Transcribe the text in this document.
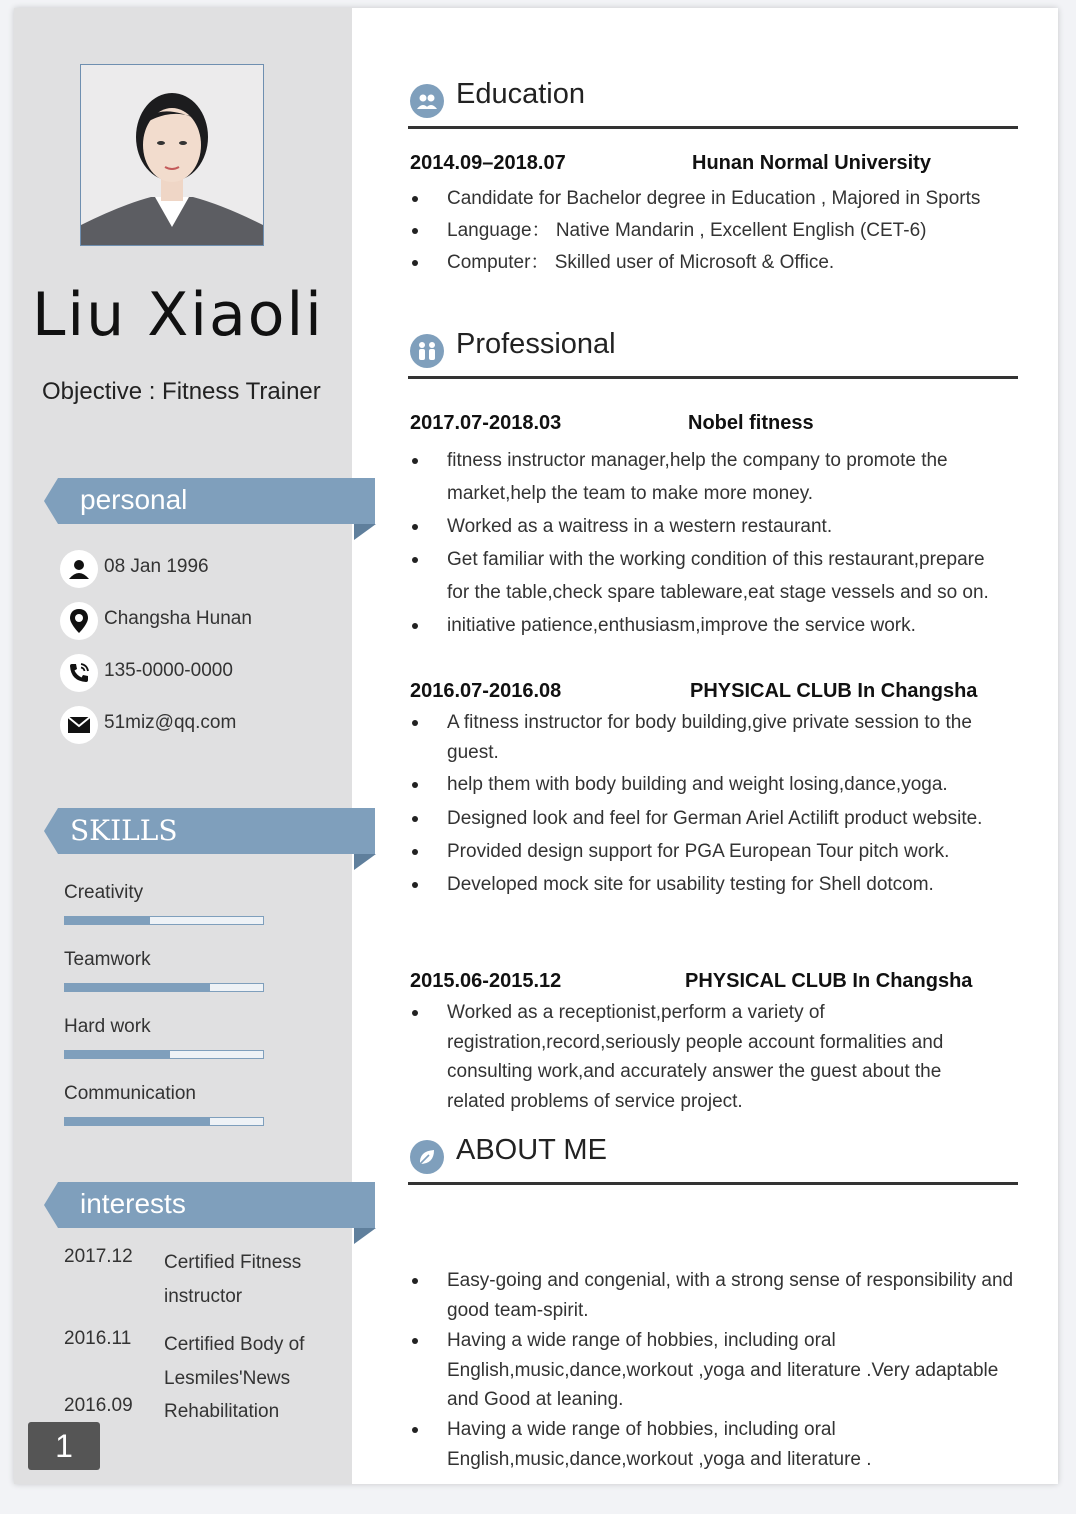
Liu Xiaoli
Objective : Fitness Trainer
personal
08 Jan 1996
Changsha Hunan
135-0000-0000
51miz@qq.com
SKILLS
Creativity
Teamwork
Hard work
Communication
interests
2017.12 Certified Fitness instructor
2016.11 Certified Body of Lesmiles'News
2016.09 Rehabilitation
1
Education
2014.09–2018.07	Hunan Normal University
Candidate for Bachelor degree in Education , Majored in Sports
Language： Native Mandarin , Excellent English (CET-6)
Computer： Skilled user of Microsoft & Office.
Professional
2017.07-2018.03	Nobel fitness
fitness instructor manager,help the company to promote the market,help the team to make more money.
Worked as a waitress in a western restaurant.
Get familiar with the working condition of this restaurant,prepare for the table,check spare tableware,eat stage vessels and so on.
initiative patience,enthusiasm,improve the service work.
2016.07-2016.08	PHYSICAL CLUB In Changsha
A fitness instructor for body building,give private session to the guest.
help them with body building and weight losing,dance,yoga.
Designed look and feel for German Ariel Actilift product website.
Provided design support for PGA European Tour pitch work.
Developed mock site for usability testing for Shell dotcom.
2015.06-2015.12	PHYSICAL CLUB In Changsha
Worked as a receptionist,perform a variety of registration,record,seriously people account formalities and consulting work,and accurately answer the guest about the related problems of service project.
ABOUT ME
Easy-going and congenial, with a strong sense of responsibility and good team-spirit.
Having a wide range of hobbies, including oral English,music,dance,workout ,yoga and literature .Very adaptable and Good at leaning.
Having a wide range of hobbies, including oral English,music,dance,workout ,yoga and literature .
